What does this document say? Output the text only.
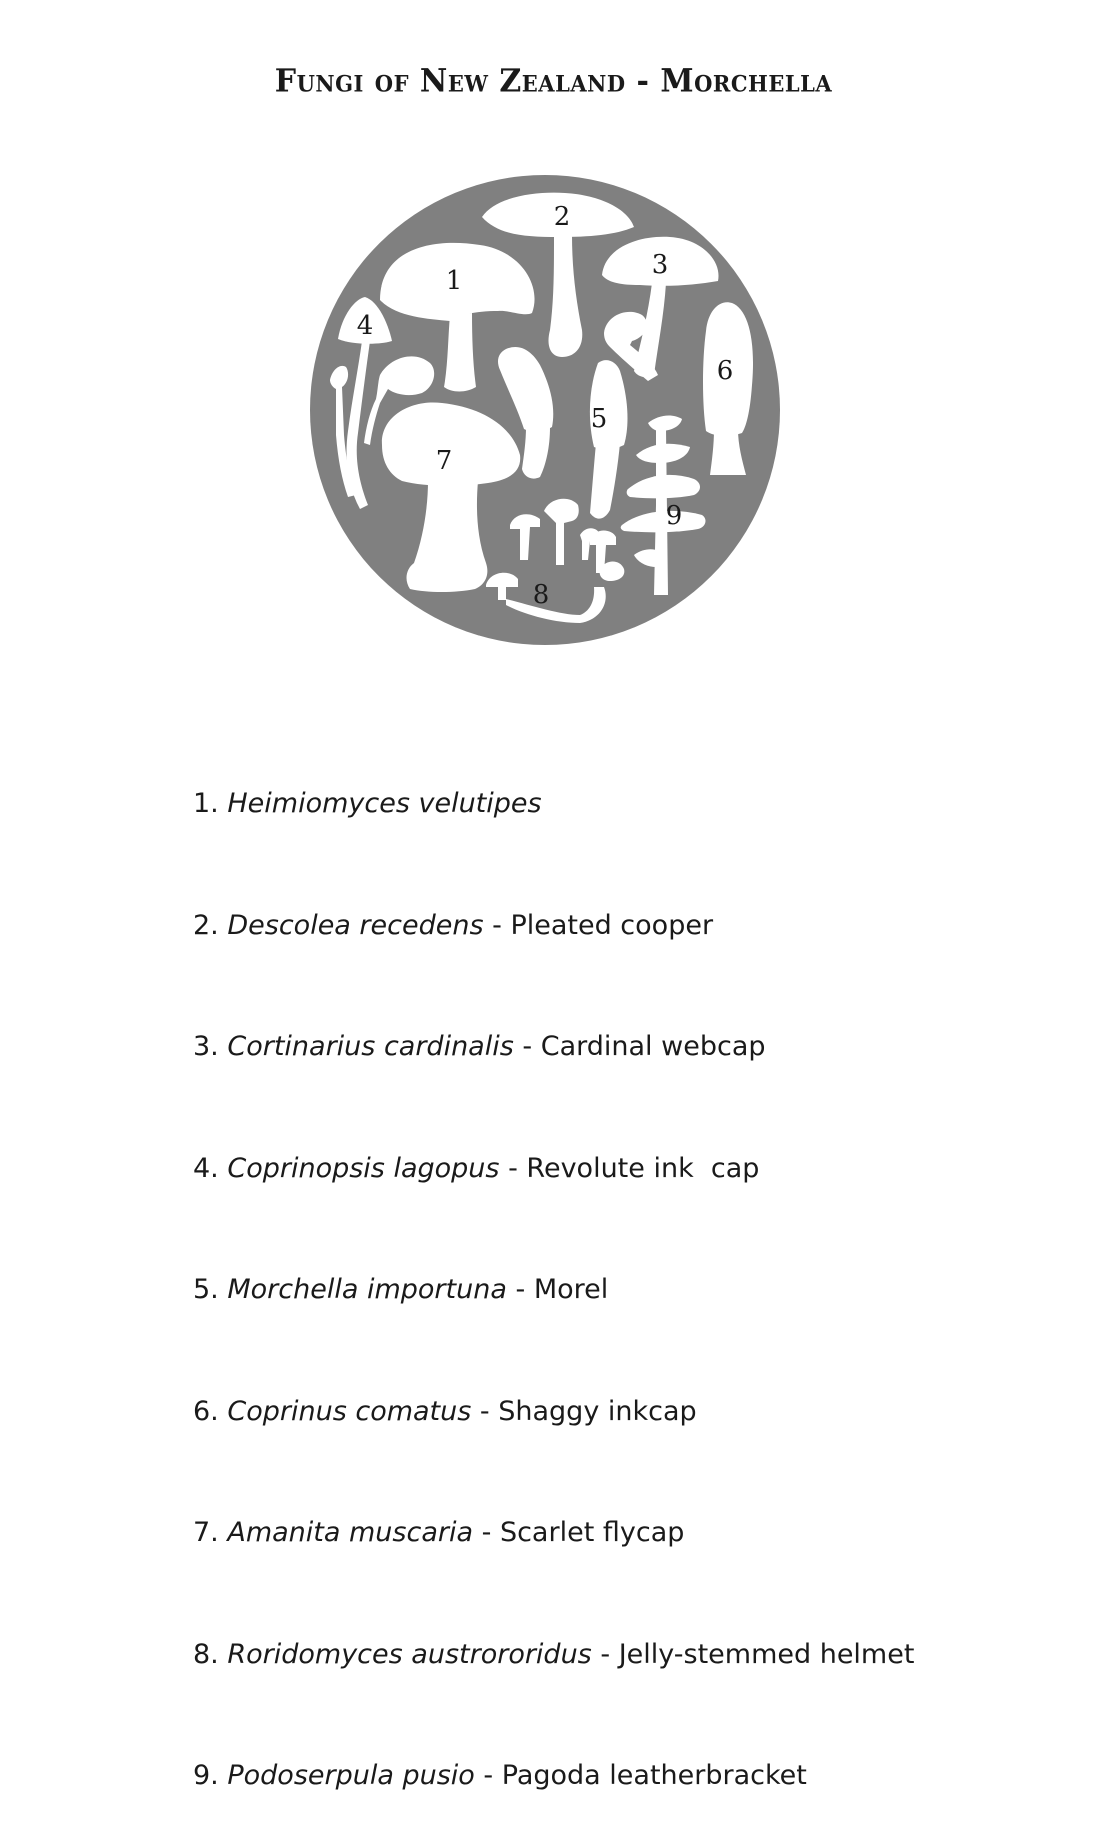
Fungi of New Zealand - Morchella
1
2
3
4
5
6
7
8
9

1. Heimiomyces velutipes

2. Descolea recedens - Pleated cooper

3. Cortinarius cardinalis - Cardinal webcap

4. Coprinopsis lagopus - Revolute ink  cap

5. Morchella importuna - Morel

6. Coprinus comatus - Shaggy inkcap

7. Amanita muscaria - Scarlet flycap

8. Roridomyces austrororidus - Jelly-stemmed helmet

9. Podoserpula pusio - Pagoda leatherbracket
